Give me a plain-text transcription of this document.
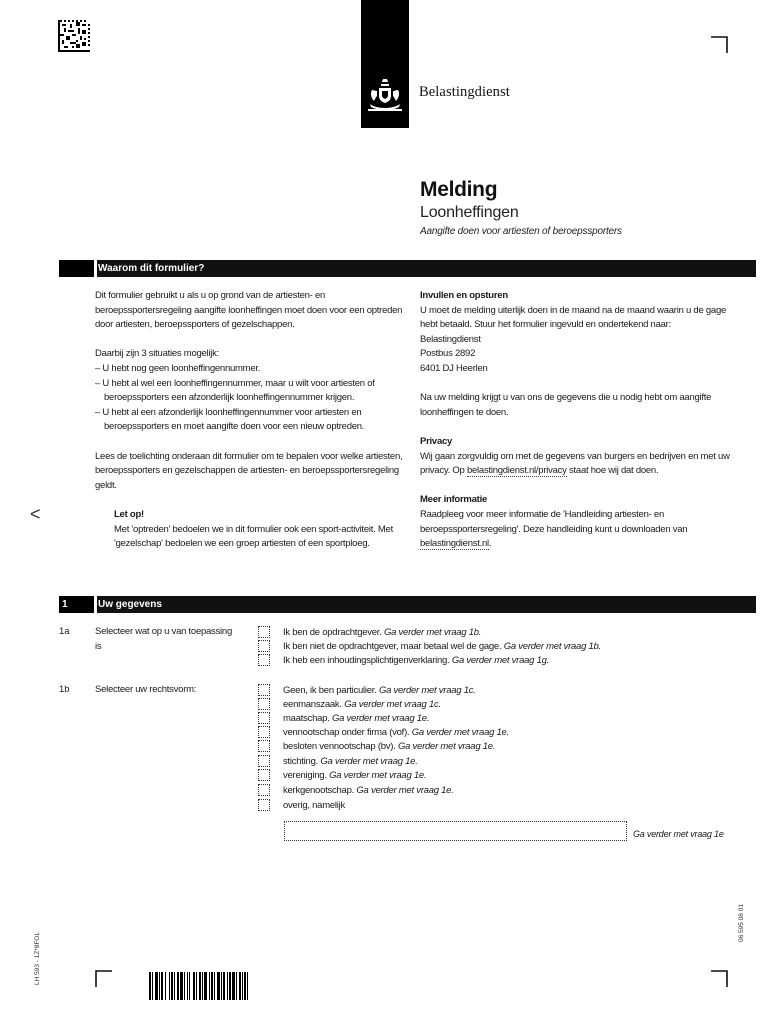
Belastingdienst
Melding
Loonheffingen
Aangifte doen voor artiesten of beroepssporters
Waarom dit formulier?

Dit formulier gebruikt u als u op grond van de artiesten- en beroepssportersregeling aangifte loonheffingen moet doen voor een optreden door artiesten, beroepssporters of gezelschappen.

Daarbij zijn 3 situaties mogelijk:

– U hebt nog geen loonheffingennummer.

– U hebt al wel een loonheffingennummer, maar u wilt voor artiesten of beroepssporters een afzonderlijk loonheffingennummer krijgen.

– U hebt al een afzonderlijk loonheffingennummer voor artiesten en beroepssporters en moet aangifte doen voor een nieuw optreden.

Lees de toelichting onderaan dit formulier om te bepalen voor welke artiesten, beroepssporters en gezelschappen de artiesten- en beroepssportersregeling geldt.

Let op!

Met 'optreden' bedoelen we in dit formulier ook een sport-activiteit. Met 'gezelschap' bedoelen we een groep artiesten of een sportploeg.

Invullen en opsturen

U moet de melding uiterlijk doen in de maand na de maand waarin u de gage hebt betaald. Stuur het formulier ingevuld en ondertekend naar:

Belastingdienst

Postbus 2892

6401 DJ Heerlen

Na uw melding krijgt u van ons de gegevens die u nodig hebt om aangifte loonheffingen te doen.

Privacy

Wij gaan zorgvuldig om met de gegevens van burgers en bedrijven en met uw privacy. Op belastingdienst.nl/privacy staat hoe wij dat doen.

Meer informatie

Raadpleeg voor meer informatie de 'Handleiding artiesten- en beroepssportersregeling'. Deze handleiding kunt u downloaden van belastingdienst.nl.

<
1	Uw gegevens
1a	Selecteer wat op u van toepassing is
Ik ben de opdrachtgever. Ga verder met vraag 1b.
Ik ben niet de opdrachtgever, maar betaal wel de gage. Ga verder met vraag 1b.
Ik heb een inhoudingsplichtigenverklaring. Ga verder met vraag 1g.
1b	Selecteer uw rechtsvorm:	Geen, ik ben particulier. Ga verder met vraag 1c.
eenmanszaak. Ga verder met vraag 1c.
maatschap. Ga verder met vraag 1e.
vennootschap onder firma (vof). Ga verder met vraag 1e.
besloten vennootschap (bv). Ga verder met vraag 1e.
stichting. Ga verder met vraag 1e.
vereniging. Ga verder met vraag 1e.
kerkgenootschap. Ga verder met vraag 1e.
overig, namelijk
Ga verder met vraag 1e
LH 593 - 1Z*8FOL
06 595 08 01
